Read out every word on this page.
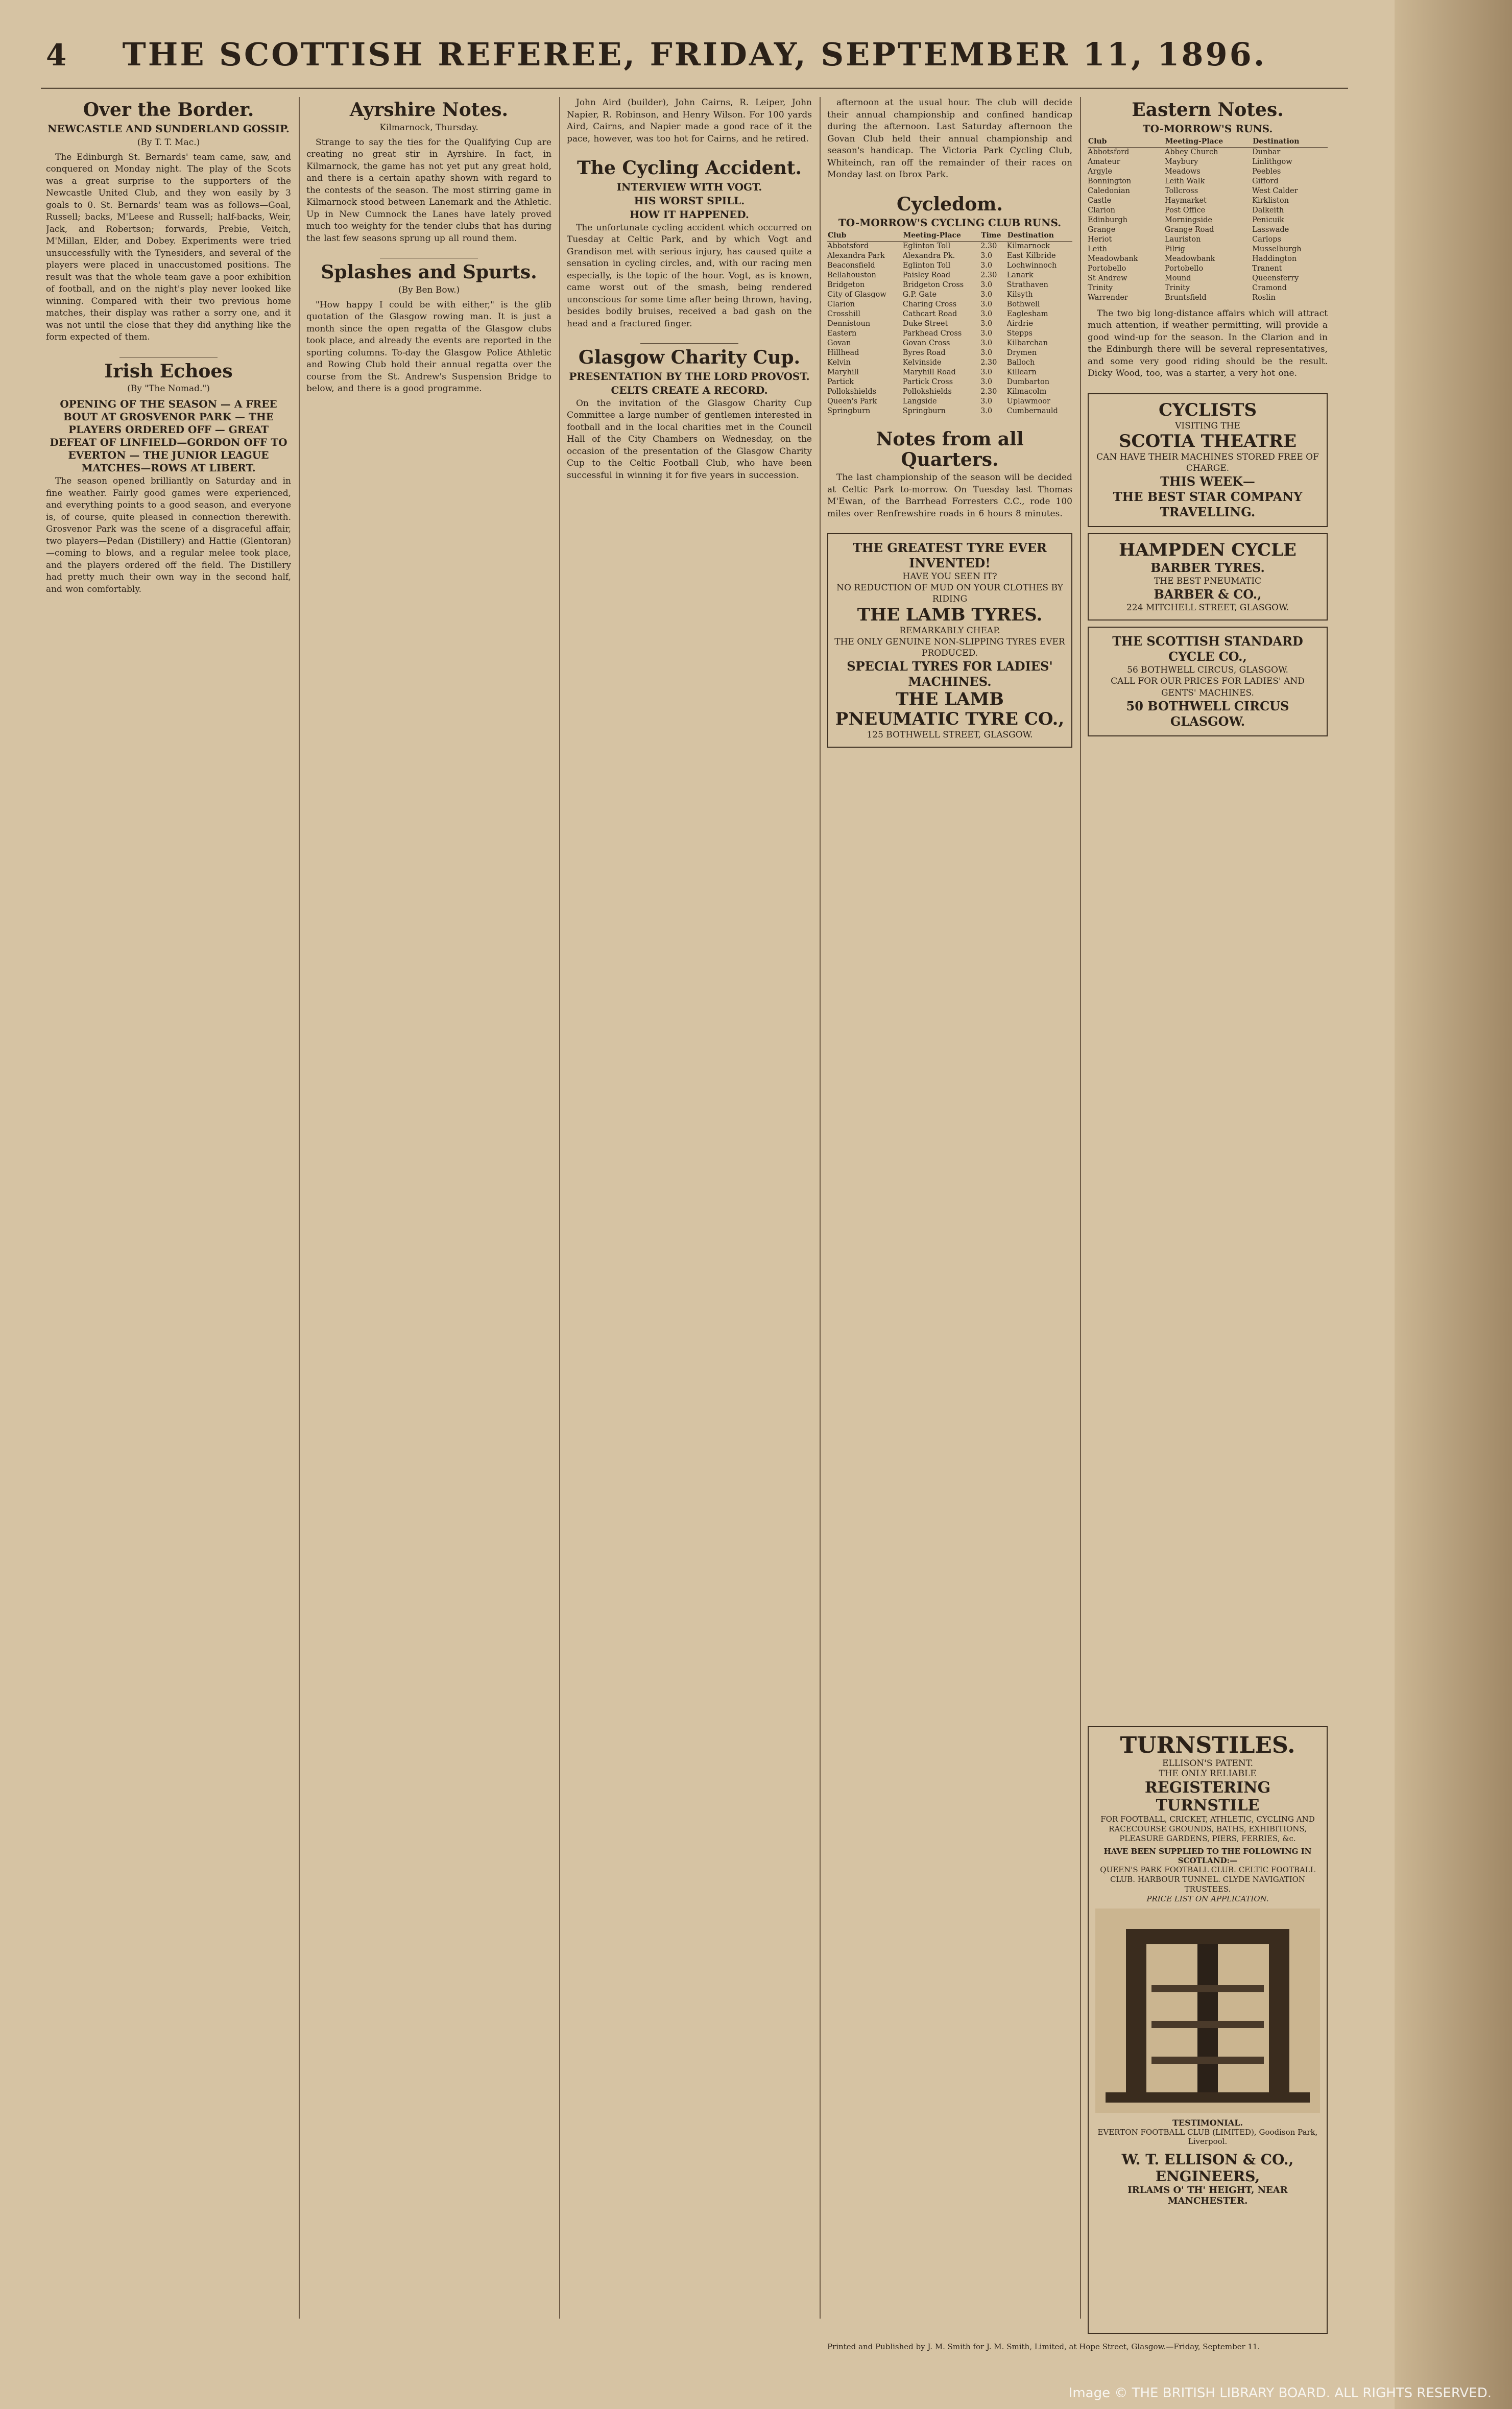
4	THE SCOTTISH REFEREE, FRIDAY, SEPTEMBER 11, 1896.
Over the Border.
NEWCASTLE AND SUNDERLAND GOSSIP.
(By T. T. Mac.)

The Edinburgh St. Bernards' team came, saw, and conquered on Monday night. The play of the Scots was a great surprise to the supporters of the Newcastle United Club, and they won easily by 3 goals to 0. St. Bernards' team was as follows—Goal, Russell; backs, M'Leese and Russell; half-backs, Weir, Jack, and Robertson; forwards, Prebie, Veitch, M'Millan, Elder, and Dobey. Experiments were tried unsuccessfully with the Tynesiders, and several of the players were placed in unaccustomed positions. The result was that the whole team gave a poor exhibition of football, and on the night's play never looked like winning. Compared with their two previous home matches, their display was rather a sorry one, and it was not until the close that they did anything like the form expected of them.

Irish Echoes
(By "The Nomad.")
OPENING OF THE SEASON — A FREE BOUT AT GROSVENOR PARK — THE PLAYERS ORDERED OFF — GREAT DEFEAT OF LINFIELD—GORDON OFF TO EVERTON — THE JUNIOR LEAGUE MATCHES—ROWS AT LIBERT.

The season opened brilliantly on Saturday and in fine weather. Fairly good games were experienced, and everything points to a good season, and everyone is, of course, quite pleased in connection therewith. Grosvenor Park was the scene of a disgraceful affair, two players—Pedan (Distillery) and Hattie (Glentoran)—coming to blows, and a regular melee took place, and the players ordered off the field. The Distillery had pretty much their own way in the second half, and won comfortably.

Ayrshire Notes.
Kilmarnock, Thursday.

Strange to say the ties for the Qualifying Cup are creating no great stir in Ayrshire. In fact, in Kilmarnock, the game has not yet put any great hold, and there is a certain apathy shown with regard to the contests of the season. The most stirring game in Kilmarnock stood between Lanemark and the Athletic. Up in New Cumnock the Lanes have lately proved much too weighty for the tender clubs that has during the last few seasons sprung up all round them.

Splashes and Spurts.
(By Ben Bow.)

"How happy I could be with either," is the glib quotation of the Glasgow rowing man. It is just a month since the open regatta of the Glasgow clubs took place, and already the events are reported in the sporting columns. To-day the Glasgow Police Athletic and Rowing Club hold their annual regatta over the course from the St. Andrew's Suspension Bridge to below, and there is a good programme.

John Aird (builder), John Cairns, R. Leiper, John Napier, R. Robinson, and Henry Wilson. For 100 yards Aird, Cairns, and Napier made a good race of it the pace, however, was too hot for Cairns, and he retired.

The Cycling Accident.
INTERVIEW WITH VOGT.
HIS WORST SPILL.
HOW IT HAPPENED.

The unfortunate cycling accident which occurred on Tuesday at Celtic Park, and by which Vogt and Grandison met with serious injury, has caused quite a sensation in cycling circles, and, with our racing men especially, is the topic of the hour. Vogt, as is known, came worst out of the smash, being rendered unconscious for some time after being thrown, having, besides bodily bruises, received a bad gash on the head and a fractured finger.

Glasgow Charity Cup.
PRESENTATION BY THE LORD PROVOST.
CELTS CREATE A RECORD.

On the invitation of the Glasgow Charity Cup Committee a large number of gentlemen interested in football and in the local charities met in the Council Hall of the City Chambers on Wednesday, on the occasion of the presentation of the Glasgow Charity Cup to the Celtic Football Club, who have been successful in winning it for five years in succession.

afternoon at the usual hour. The club will decide their annual championship and confined handicap during the afternoon. Last Saturday afternoon the Govan Club held their annual championship and season's handicap. The Victoria Park Cycling Club, Whiteinch, ran off the remainder of their races on Monday last on Ibrox Park.

Cycledom.
TO-MORROW'S CYCLING CLUB RUNS.
Club	Meeting-Place	Time	Destination
Abbotsford	Eglinton Toll	2.30	Kilmarnock
Alexandra Park	Alexandra Pk.	3.0	East Kilbride
Beaconsfield	Eglinton Toll	3.0	Lochwinnoch
Bellahouston	Paisley Road	2.30	Lanark
Bridgeton	Bridgeton Cross	3.0	Strathaven
City of Glasgow	G.P. Gate	3.0	Kilsyth
Clarion	Charing Cross	3.0	Bothwell
Crosshill	Cathcart Road	3.0	Eaglesham
Dennistoun	Duke Street	3.0	Airdrie
Eastern	Parkhead Cross	3.0	Stepps
Govan	Govan Cross	3.0	Kilbarchan
Hillhead	Byres Road	3.0	Drymen
Kelvin	Kelvinside	2.30	Balloch
Maryhill	Maryhill Road	3.0	Killearn
Partick	Partick Cross	3.0	Dumbarton
Pollokshields	Pollokshields	2.30	Kilmacolm
Queen's Park	Langside	3.0	Uplawmoor
Springburn	Springburn	3.0	Cumbernauld
Notes from all Quarters.

The last championship of the season will be decided at Celtic Park to-morrow. On Tuesday last Thomas M'Ewan, of the Barrhead Forresters C.C., rode 100 miles over Renfrewshire roads in 6 hours 8 minutes.

THE GREATEST TYRE EVER INVENTED!
HAVE YOU SEEN IT?
NO REDUCTION OF MUD ON YOUR CLOTHES BY RIDING
THE LAMB TYRES.
REMARKABLY CHEAP.
THE ONLY GENUINE NON-SLIPPING TYRES EVER PRODUCED.
SPECIAL TYRES FOR LADIES' MACHINES.
THE LAMB PNEUMATIC TYRE CO.,
125 BOTHWELL STREET, GLASGOW.
Eastern Notes.
TO-MORROW'S RUNS.
Club	Meeting-Place	Destination
Abbotsford	Abbey Church	Dunbar
Amateur	Maybury	Linlithgow
Argyle	Meadows	Peebles
Bonnington	Leith Walk	Gifford
Caledonian	Tollcross	West Calder
Castle	Haymarket	Kirkliston
Clarion	Post Office	Dalkeith
Edinburgh	Morningside	Penicuik
Grange	Grange Road	Lasswade
Heriot	Lauriston	Carlops
Leith	Pilrig	Musselburgh
Meadowbank	Meadowbank	Haddington
Portobello	Portobello	Tranent
St Andrew	Mound	Queensferry
Trinity	Trinity	Cramond
Warrender	Bruntsfield	Roslin

The two big long-distance affairs which will attract much attention, if weather permitting, will provide a good wind-up for the season. In the Clarion and in the Edinburgh there will be several representatives, and some very good riding should be the result. Dicky Wood, too, was a starter, a very hot one.

CYCLISTS
VISITING THE
SCOTIA THEATRE
CAN HAVE THEIR MACHINES STORED FREE OF CHARGE.
THIS WEEK—
THE BEST STAR COMPANY
TRAVELLING.
HAMPDEN CYCLE
BARBER TYRES.
THE BEST PNEUMATIC
BARBER & CO.,
224 MITCHELL STREET, GLASGOW.
THE SCOTTISH STANDARD
CYCLE CO.,
56 BOTHWELL CIRCUS, GLASGOW.
CALL FOR OUR PRICES FOR LADIES' AND GENTS' MACHINES.
50 BOTHWELL CIRCUS GLASGOW.
TURNSTILES.
ELLISON'S PATENT.
THE ONLY RELIABLE
REGISTERING TURNSTILE
FOR FOOTBALL, CRICKET, ATHLETIC, CYCLING AND RACECOURSE GROUNDS, BATHS, EXHIBITIONS, PLEASURE GARDENS, PIERS, FERRIES, &c.
HAVE BEEN SUPPLIED TO THE FOLLOWING IN SCOTLAND:—
QUEEN'S PARK FOOTBALL CLUB. CELTIC FOOTBALL CLUB. HARBOUR TUNNEL. CLYDE NAVIGATION TRUSTEES.
PRICE LIST ON APPLICATION.
TESTIMONIAL.
EVERTON FOOTBALL CLUB (LIMITED), Goodison Park, Liverpool.
W. T. ELLISON & CO., ENGINEERS,
IRLAMS O' TH' HEIGHT, NEAR MANCHESTER.
Printed and Published by J. M. Smith for J. M. Smith, Limited, at Hope Street, Glasgow.—Friday, September 11.
Image © THE BRITISH LIBRARY BOARD. ALL RIGHTS RESERVED.
